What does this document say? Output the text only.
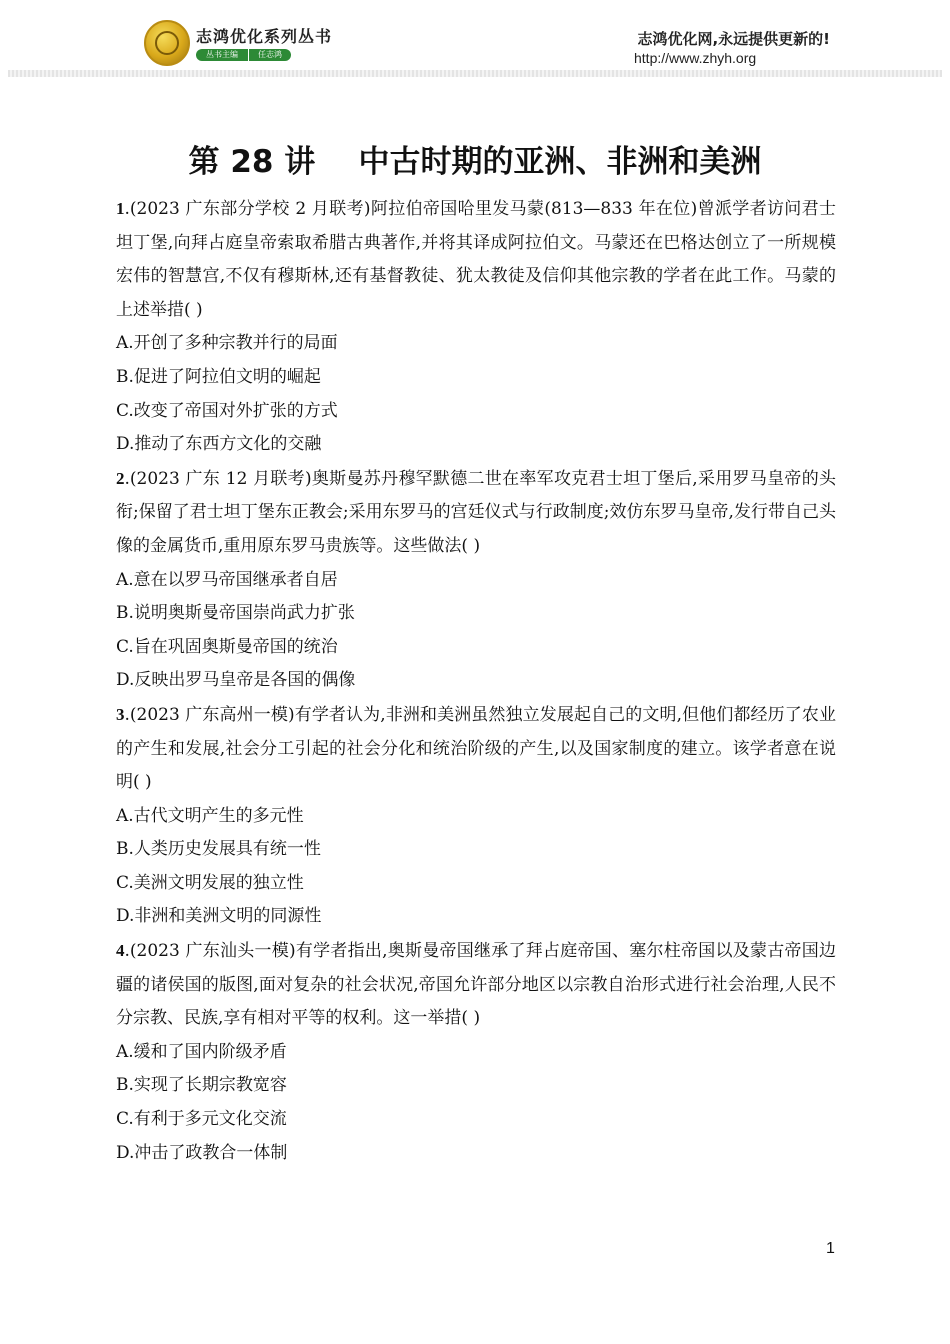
志鸿优化系列丛书
丛书主编	任志鸿
志鸿优化网,永远提供更新的!
http://www.zhyh.org
第 28 讲    中古时期的亚洲、非洲和美洲

1.(2023 广东部分学校 2 月联考)阿拉伯帝国哈里发马蒙(813—833 年在位)曾派学者访问君士坦丁堡,向拜占庭皇帝索取希腊古典著作,并将其译成阿拉伯文。马蒙还在巴格达创立了一所规模宏伟的智慧宫,不仅有穆斯林,还有基督教徒、犹太教徒及信仰其他宗教的学者在此工作。马蒙的上述举措( )

A.开创了多种宗教并行的局面

B.促进了阿拉伯文明的崛起

C.改变了帝国对外扩张的方式

D.推动了东西方文化的交融

2.(2023 广东 12 月联考)奥斯曼苏丹穆罕默德二世在率军攻克君士坦丁堡后,采用罗马皇帝的头衔;保留了君士坦丁堡东正教会;采用东罗马的宫廷仪式与行政制度;效仿东罗马皇帝,发行带自己头像的金属货币,重用原东罗马贵族等。这些做法( )

A.意在以罗马帝国继承者自居

B.说明奥斯曼帝国崇尚武力扩张

C.旨在巩固奥斯曼帝国的统治

D.反映出罗马皇帝是各国的偶像

3.(2023 广东高州一模)有学者认为,非洲和美洲虽然独立发展起自己的文明,但他们都经历了农业的产生和发展,社会分工引起的社会分化和统治阶级的产生,以及国家制度的建立。该学者意在说明( )

A.古代文明产生的多元性

B.人类历史发展具有统一性

C.美洲文明发展的独立性

D.非洲和美洲文明的同源性

4.(2023 广东汕头一模)有学者指出,奥斯曼帝国继承了拜占庭帝国、塞尔柱帝国以及蒙古帝国边疆的诸侯国的版图,面对复杂的社会状况,帝国允许部分地区以宗教自治形式进行社会治理,人民不分宗教、民族,享有相对平等的权利。这一举措( )

A.缓和了国内阶级矛盾

B.实现了长期宗教宽容

C.有利于多元文化交流

D.冲击了政教合一体制

1
